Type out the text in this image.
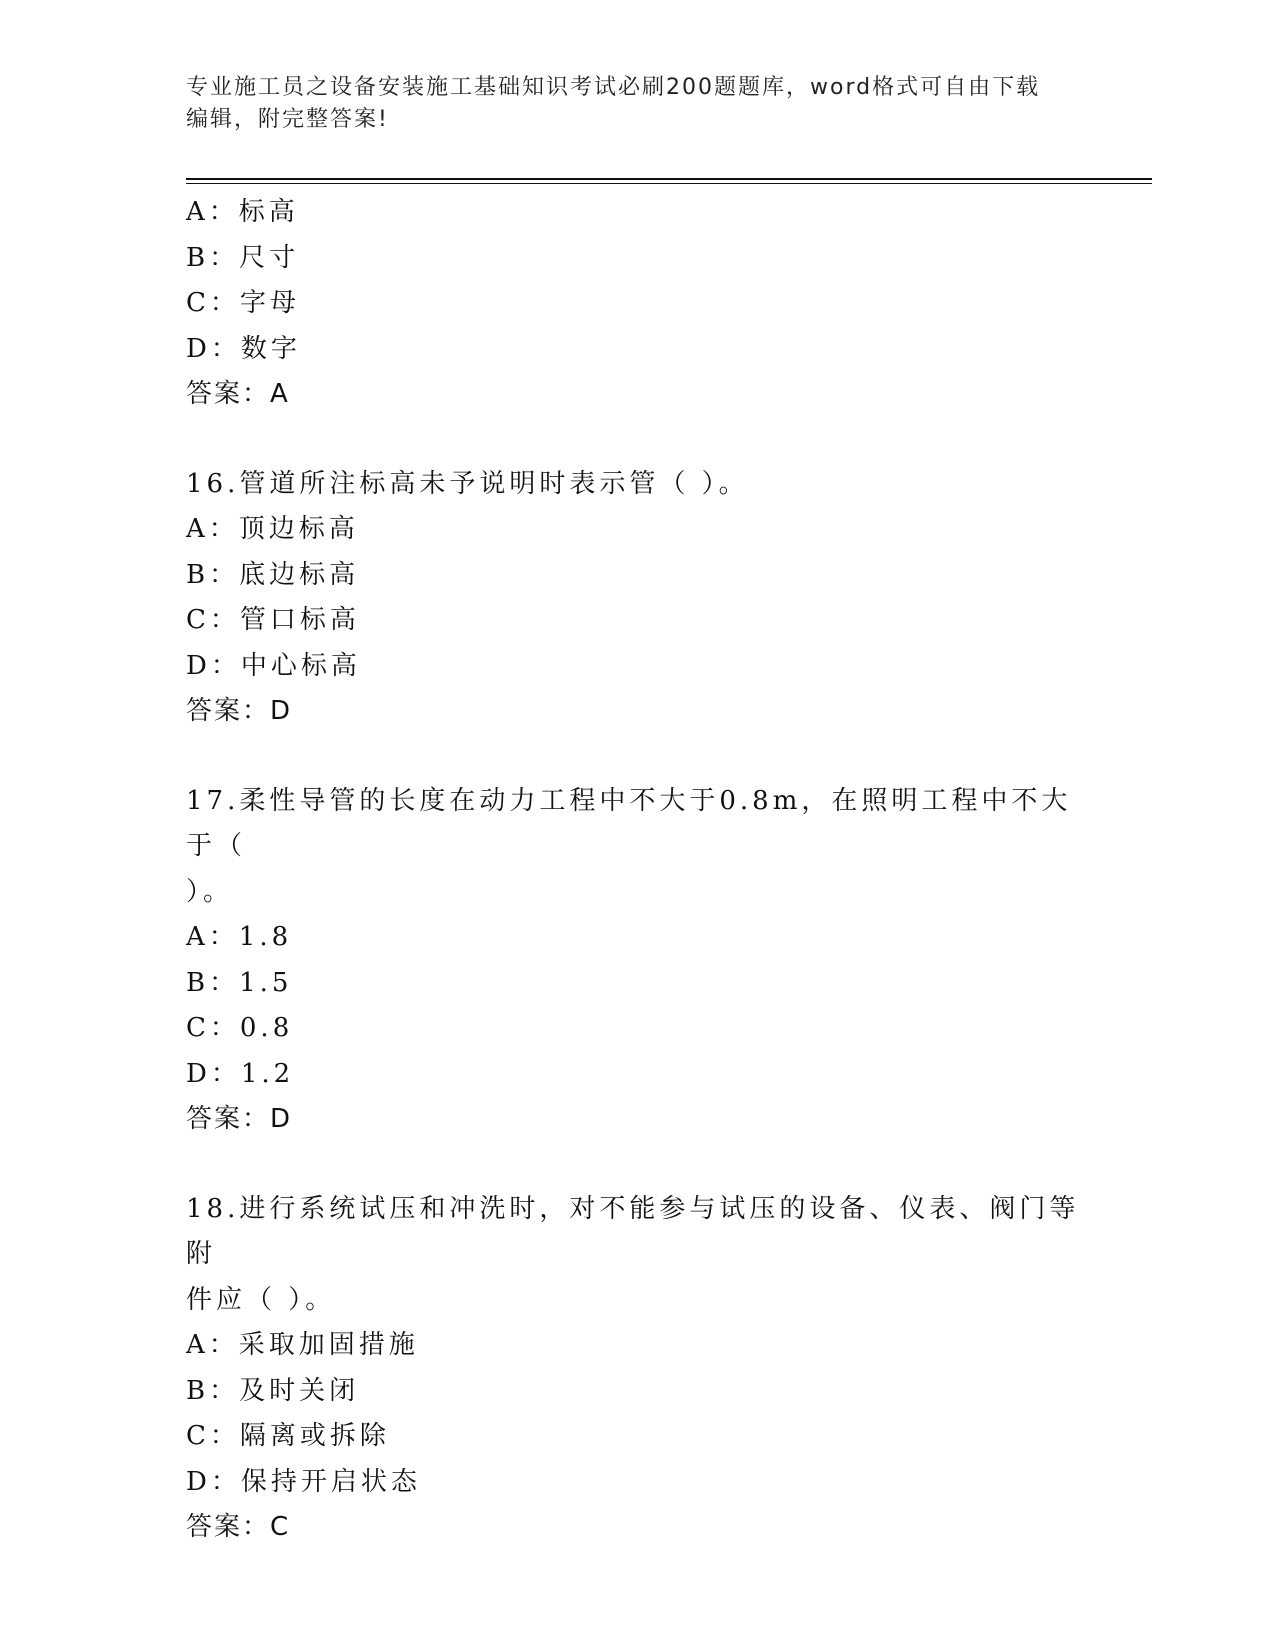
专业施工员之设备安装施工基础知识考试必刷200题题库，word格式可自由下载
编辑，附完整答案!
A：标高
B：尺寸
C：字母
D：数字
答案：A
16.管道所注标高未予说明时表示管（ ）。
A：顶边标高
B：底边标高
C：管口标高
D：中心标高
答案：D
17.柔性导管的长度在动力工程中不大于0.8m，在照明工程中不大于（
）。
A：1.8
B：1.5
C：0.8
D：1.2
答案：D
18.进行系统试压和冲洗时，对不能参与试压的设备、仪表、阀门等附
件应（ ）。
A：采取加固措施
B：及时关闭
C：隔离或拆除
D：保持开启状态
答案：C
